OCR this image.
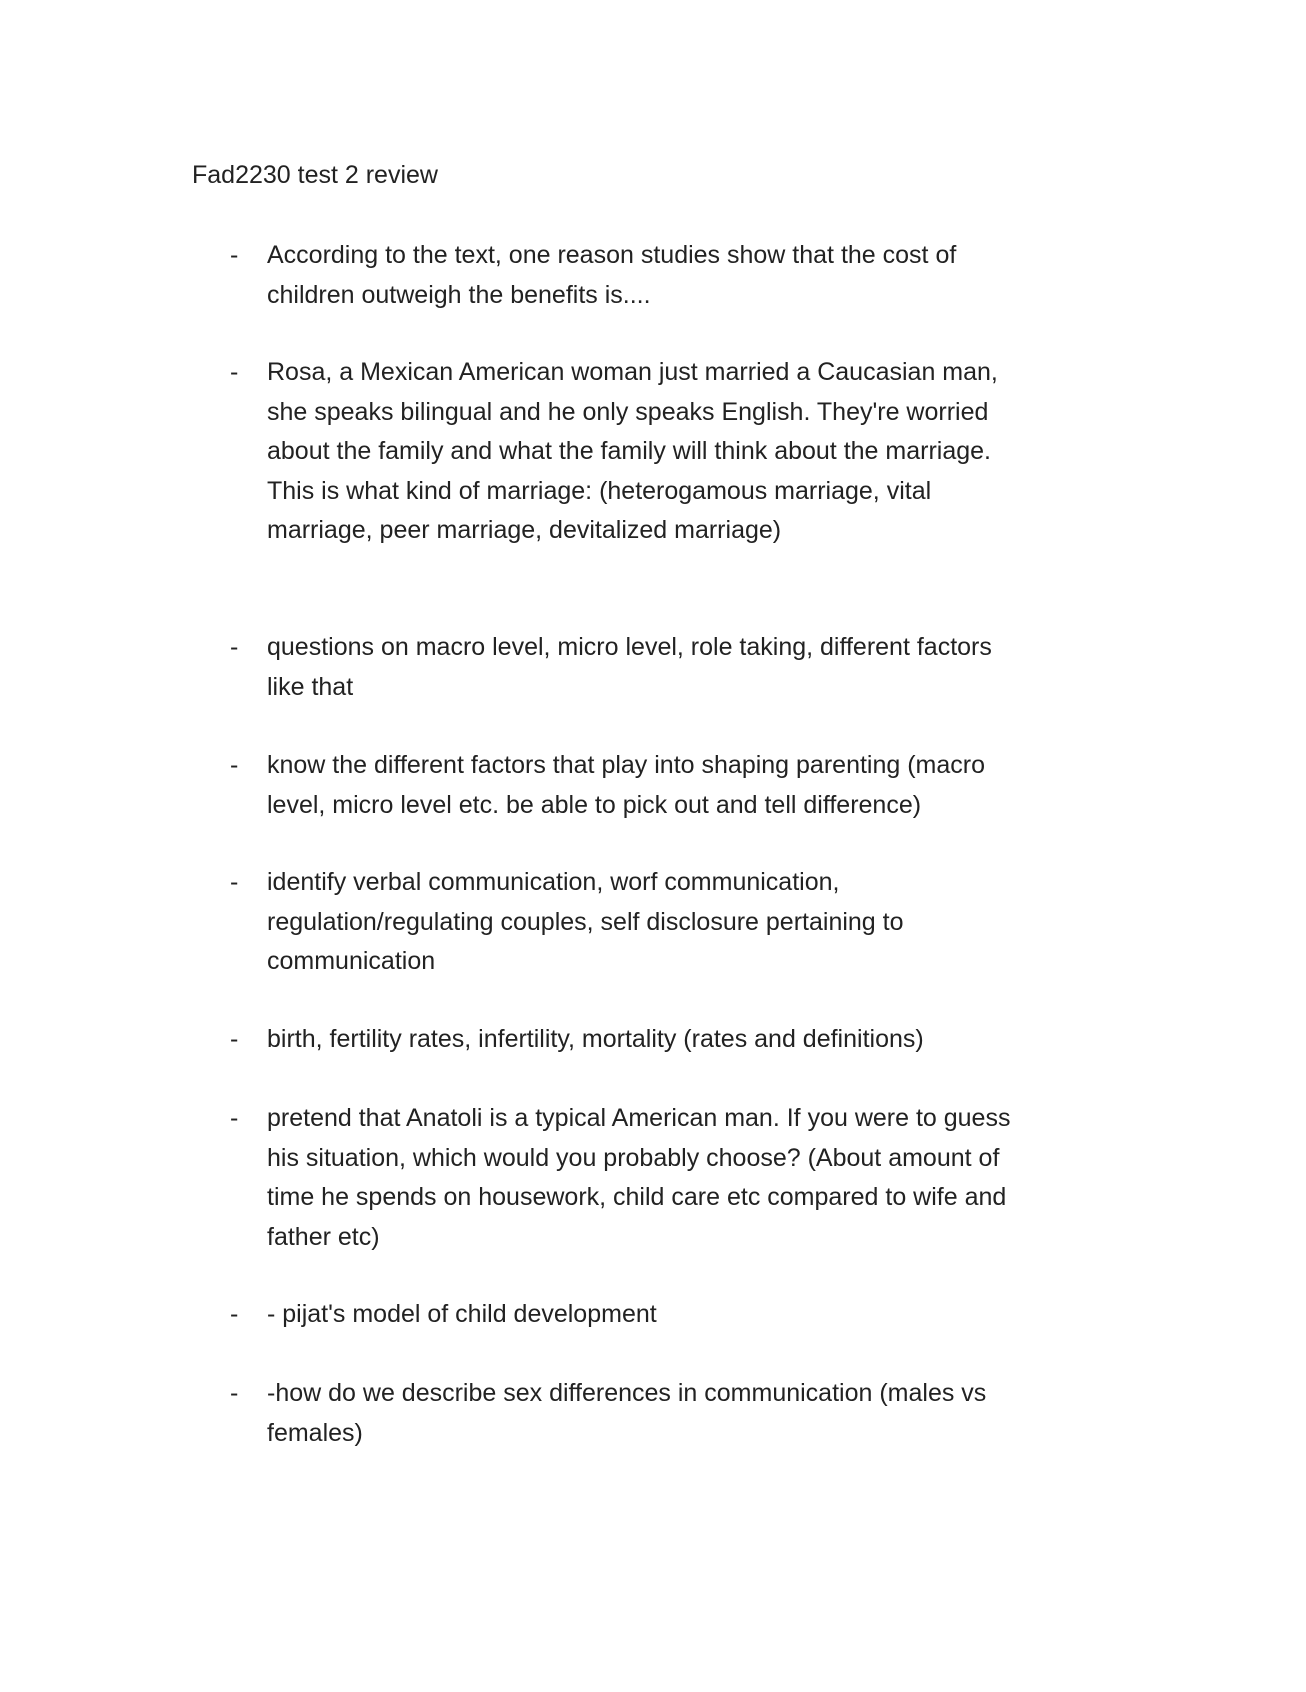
Fad2230 test 2 review
- According to the text, one reason studies show that the cost of
children outweigh the benefits is....
- Rosa, a Mexican American woman just married a Caucasian man,
she speaks bilingual and he only speaks English. They're worried
about the family and what the family will think about the marriage.
This is what kind of marriage: (heterogamous marriage, vital
marriage, peer marriage, devitalized marriage)
- questions on macro level, micro level, role taking, different factors
like that
- know the different factors that play into shaping parenting (macro
level, micro level etc. be able to pick out and tell difference)
- identify verbal communication, worf communication,
regulation/regulating couples, self disclosure pertaining to
communication
- birth, fertility rates, infertility, mortality (rates and definitions)
- pretend that Anatoli is a typical American man. If you were to guess
his situation, which would you probably choose? (About amount of
time he spends on housework, child care etc compared to wife and
father etc)
- - pijat's model of child development
- -how do we describe sex differences in communication (males vs
females)
